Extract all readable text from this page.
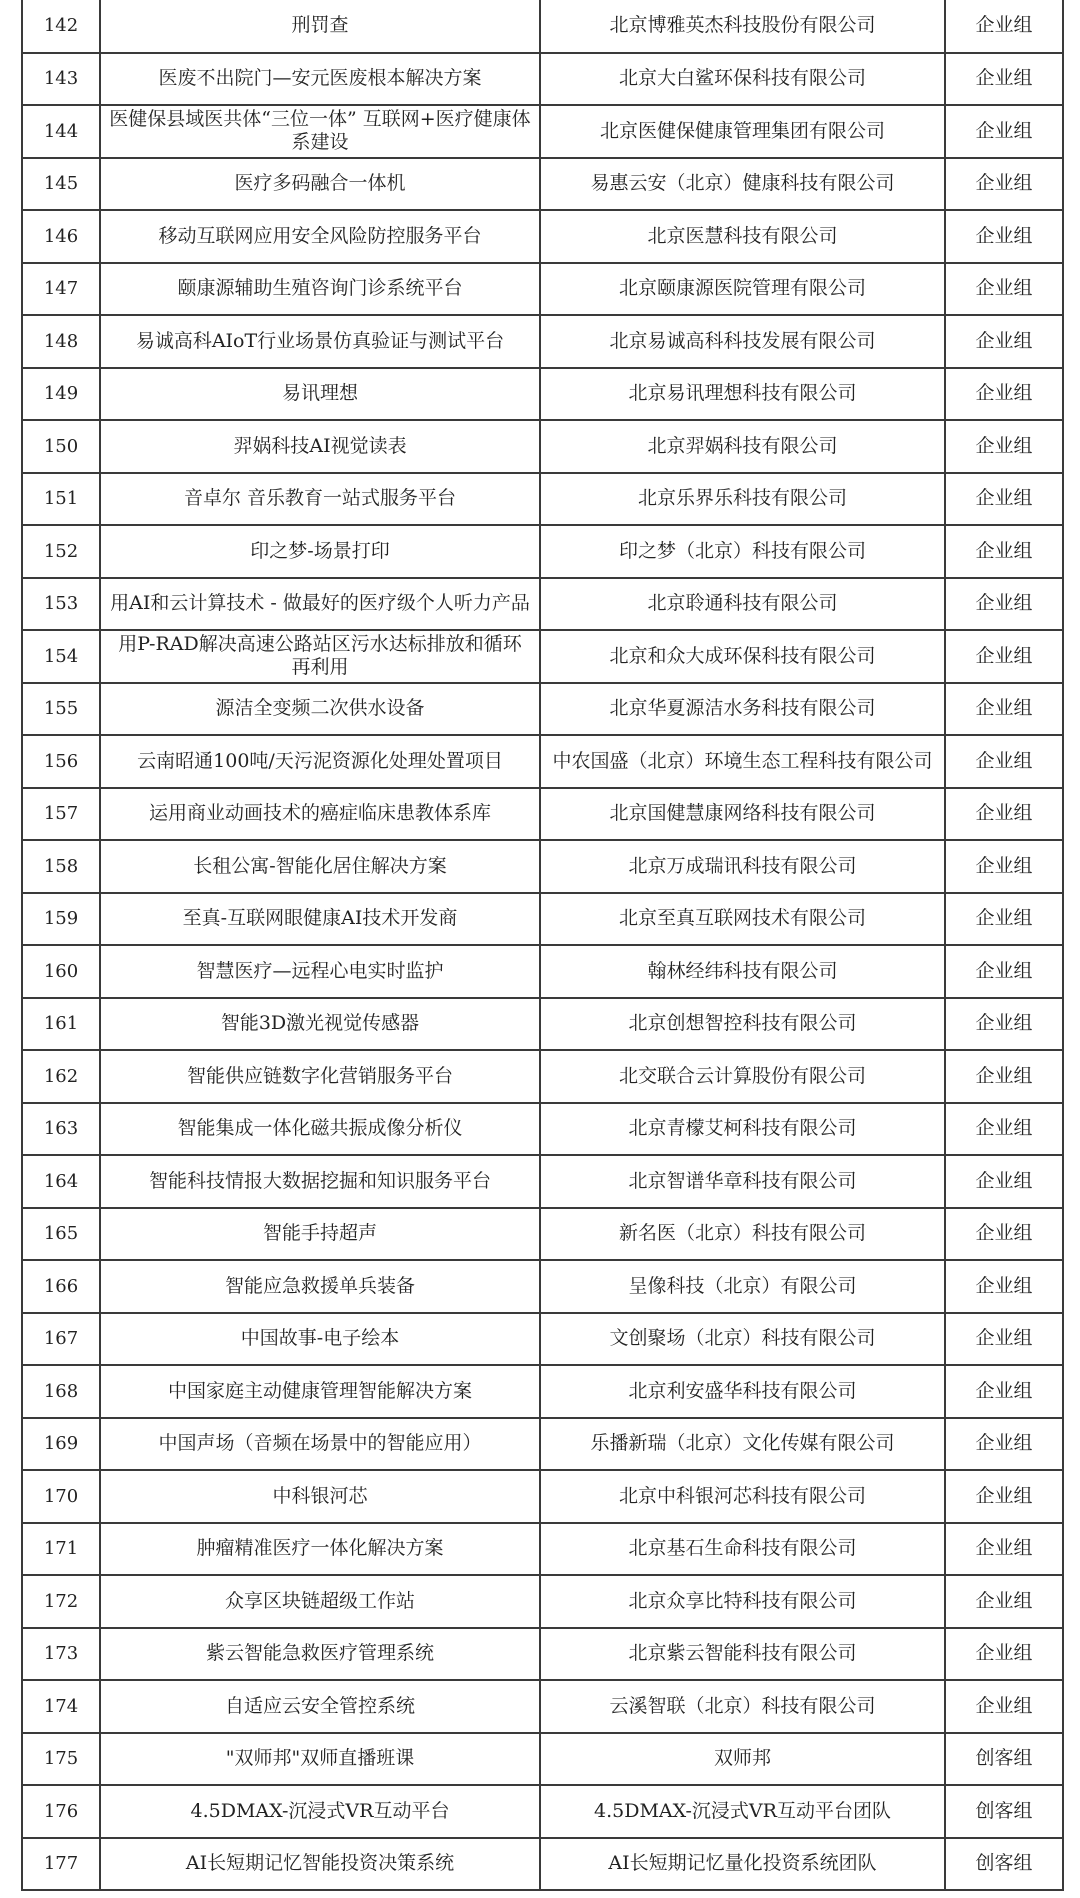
142	刑罚查	北京博雅英杰科技股份有限公司	企业组
143	医废不出院门—安元医废根本解决方案	北京大白鲨环保科技有限公司	企业组
144	医健保县域医共体“三位一体” 互联网+医疗健康体系建设	北京医健保健康管理集团有限公司	企业组
145	医疗多码融合一体机	易惠云安（北京）健康科技有限公司	企业组
146	移动互联网应用安全风险防控服务平台	北京医慧科技有限公司	企业组
147	颐康源辅助生殖咨询门诊系统平台	北京颐康源医院管理有限公司	企业组
148	易诚高科AIoT行业场景仿真验证与测试平台	北京易诚高科科技发展有限公司	企业组
149	易讯理想	北京易讯理想科技有限公司	企业组
150	羿娲科技AI视觉读表	北京羿娲科技有限公司	企业组
151	音卓尔 音乐教育一站式服务平台	北京乐界乐科技有限公司	企业组
152	印之梦-场景打印	印之梦（北京）科技有限公司	企业组
153	用AI和云计算技术 - 做最好的医疗级个人听力产品	北京聆通科技有限公司	企业组
154	用P-RAD解决高速公路站区污水达标排放和循环再利用	北京和众大成环保科技有限公司	企业组
155	源洁全变频二次供水设备	北京华夏源洁水务科技有限公司	企业组
156	云南昭通100吨/天污泥资源化处理处置项目	中农国盛（北京）环境生态工程科技有限公司	企业组
157	运用商业动画技术的癌症临床患教体系库	北京国健慧康网络科技有限公司	企业组
158	长租公寓-智能化居住解决方案	北京万成瑞讯科技有限公司	企业组
159	至真-互联网眼健康AI技术开发商	北京至真互联网技术有限公司	企业组
160	智慧医疗—远程心电实时监护	翰林经纬科技有限公司	企业组
161	智能3D激光视觉传感器	北京创想智控科技有限公司	企业组
162	智能供应链数字化营销服务平台	北交联合云计算股份有限公司	企业组
163	智能集成一体化磁共振成像分析仪	北京青檬艾柯科技有限公司	企业组
164	智能科技情报大数据挖掘和知识服务平台	北京智谱华章科技有限公司	企业组
165	智能手持超声	新名医（北京）科技有限公司	企业组
166	智能应急救援单兵装备	呈像科技（北京）有限公司	企业组
167	中国故事-电子绘本	文创聚场（北京）科技有限公司	企业组
168	中国家庭主动健康管理智能解决方案	北京利安盛华科技有限公司	企业组
169	中国声场（音频在场景中的智能应用）	乐播新瑞（北京）文化传媒有限公司	企业组
170	中科银河芯	北京中科银河芯科技有限公司	企业组
171	肿瘤精准医疗一体化解决方案	北京基石生命科技有限公司	企业组
172	众享区块链超级工作站	北京众享比特科技有限公司	企业组
173	紫云智能急救医疗管理系统	北京紫云智能科技有限公司	企业组
174	自适应云安全管控系统	云溪智联（北京）科技有限公司	企业组
175	"双师邦"双师直播班课	双师邦	创客组
176	4.5DMAX-沉浸式VR互动平台	4.5DMAX-沉浸式VR互动平台团队	创客组
177	AI长短期记忆智能投资决策系统	AI长短期记忆量化投资系统团队	创客组
